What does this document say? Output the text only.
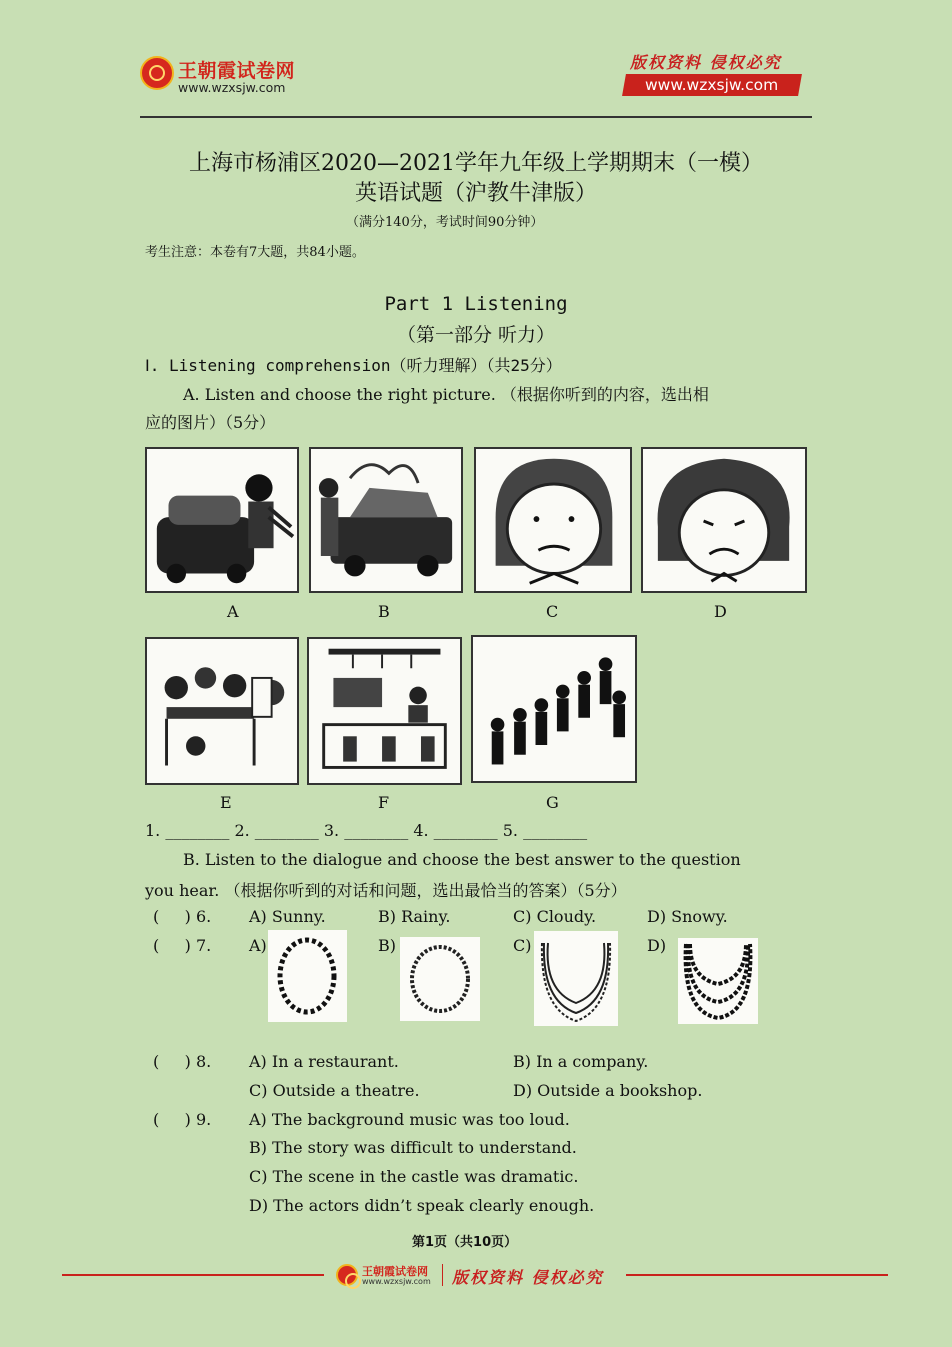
王朝霞试卷网
www.wzxsjw.com
版权资料 侵权必究
www.wzxsjw.com
上海市杨浦区2020—2021学年九年级上学期期末（一模）
英语试题（沪教牛津版）
（满分140分，考试时间90分钟）
考生注意：本卷有7大题，共84小题。
Part 1 Listening
（第一部分 听力）
Ⅰ. Listening comprehension（听力理解）（共25分）
A. Listen and choose the right picture. （根据你听到的内容，选出相
应的图片）（5分）
A	B	C	D
E	F	G
1. ________ 2. ________ 3. ________ 4. ________ 5. ________
B. Listen to the dialogue and choose the best answer to the question
you hear. （根据你听到的对话和问题，选出最恰当的答案）（5分）
(     ) 6. A) Sunny.	B) Rainy.	C) Cloudy.	D) Snowy.
(     ) 7. A)	B)	C)	D)
(     ) 8. A) In a restaurant.	B) In a company.
C) Outside a theatre.	D) Outside a bookshop.
(     ) 9. A) The background music was too loud.
B) The story was difficult to understand.
C) The scene in the castle was dramatic.
D) The actors didn’t speak clearly enough.
第1页（共10页）
王朝霞试卷网
www.wzxsjw.com 版权资料 侵权必究
